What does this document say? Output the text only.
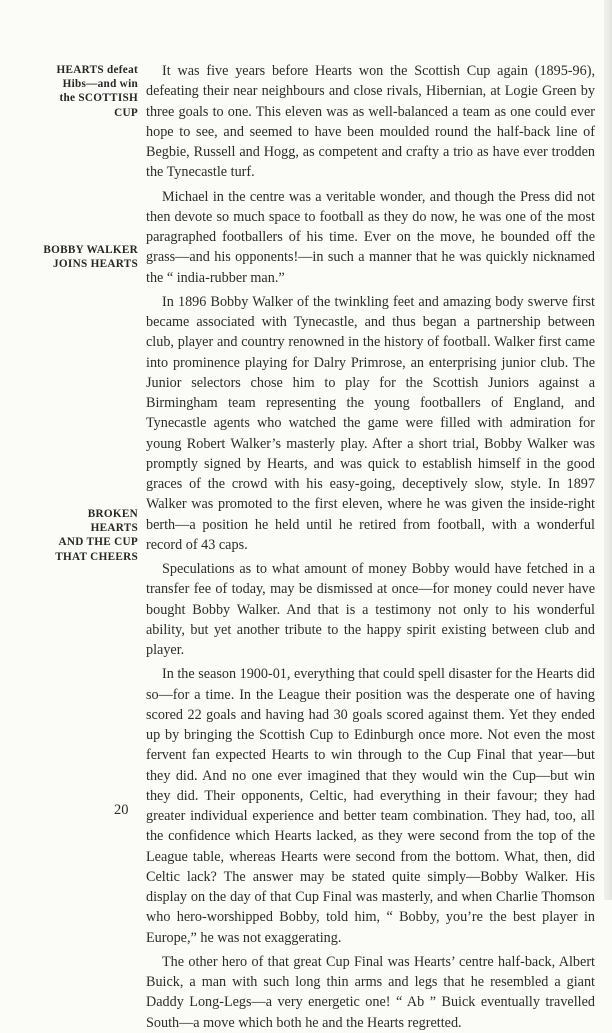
HEARTS defeat
Hibs—and win
the SCOTTISH
CUP
BOBBY WALKER
JOINS HEARTS
BROKEN
HEARTS
AND THE CUP
THAT CHEERS

It was five years before Hearts won the Scottish Cup again (1895-96), defeating their near neighbours and close rivals, Hibernian, at Logie Green by three goals to one. This eleven was as well-balanced a team as one could ever hope to see, and seemed to have been moulded round the half-back line of Begbie, Russell and Hogg, as competent and crafty a trio as have ever trodden the Tynecastle turf.

Michael in the centre was a veritable wonder, and though the Press did not then devote so much space to football as they do now, he was one of the most paragraphed footballers of his time. Ever on the move, he bounded off the grass—and his opponents!—in such a manner that he was quickly nicknamed the “ india-rubber man.”

In 1896 Bobby Walker of the twinkling feet and amazing body swerve first became associated with Tynecastle, and thus began a partnership between club, player and country renowned in the history of football. Walker first came into prominence playing for Dalry Primrose, an enterprising junior club. The Junior selectors chose him to play for the Scottish Juniors against a Birmingham team representing the young footballers of England, and Tynecastle agents who watched the game were filled with admiration for young Robert Walker’s masterly play. After a short trial, Bobby Walker was promptly signed by Hearts, and was quick to establish himself in the good graces of the crowd with his easy-going, deceptively slow, style. In 1897 Walker was promoted to the first eleven, where he was given the inside-right berth—a position he held until he retired from football, with a wonderful record of 43 caps.

Speculations as to what amount of money Bobby would have fetched in a transfer fee of today, may be dismissed at once—for money could never have bought Bobby Walker. And that is a testimony not only to his wonderful ability, but yet another tribute to the happy spirit existing between club and player.

In the season 1900-01, everything that could spell disaster for the Hearts did so—for a time. In the League their position was the desperate one of having scored 22 goals and having had 30 goals scored against them. Yet they ended up by bringing the Scottish Cup to Edinburgh once more. Not even the most fervent fan expected Hearts to win through to the Cup Final that year—but they did. And no one ever imagined that they would win the Cup—but win they did. Their opponents, Celtic, had everything in their favour; they had greater individual experience and better team combination. They had, too, all the confidence which Hearts lacked, as they were second from the top of the League table, whereas Hearts were second from the bottom. What, then, did Celtic lack? The answer may be stated quite simply—Bobby Walker. His display on the day of that Cup Final was masterly, and when Charlie Thomson who hero-worshipped Bobby, told him, “ Bobby, you’re the best player in Europe,” he was not exaggerating.

The other hero of that great Cup Final was Hearts’ centre half-back, Albert Buick, a man with such long thin arms and legs that he resembled a giant Daddy Long-Legs—a very energetic one! “ Ab ” Buick eventually travelled South—a move which both he and the Hearts regretted.

20
